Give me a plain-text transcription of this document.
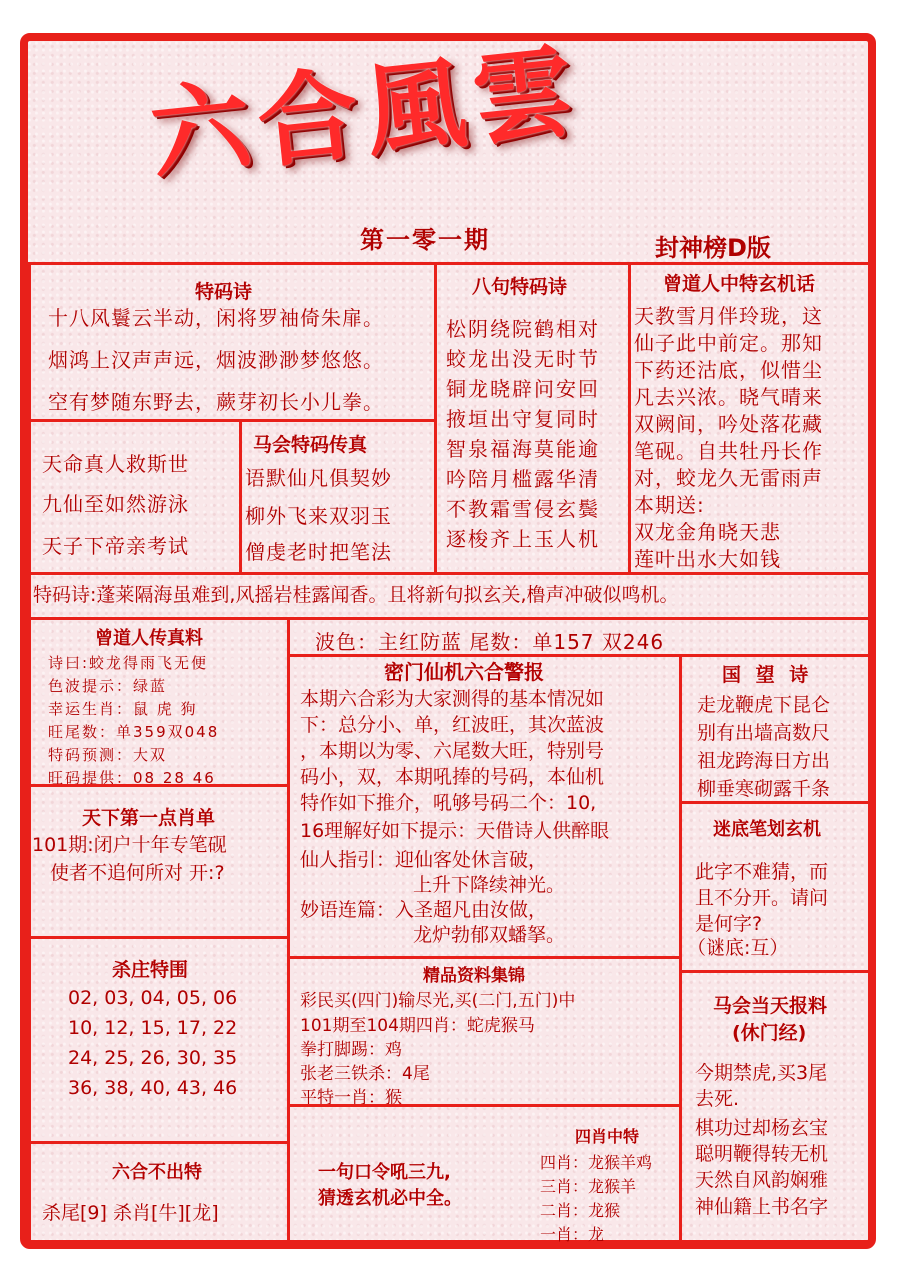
六合風雲
第一零一期	封神榜D版
特码诗
十八风鬟云半动，闲将罗袖倚朱扉。
烟鸿上汉声声远，烟波渺渺梦悠悠。
空有梦随东野去，蕨芽初长小儿拳。
八句特码诗
松阴绕院鹤相对
蛟龙出没无时节
铜龙晓辟问安回
掖垣出守复同时
智泉福海莫能逾
吟陪月槛露华清
不教霜雪侵玄鬓
逐梭齐上玉人机
曾道人中特玄机话
天教雪月伴玲珑，这
仙子此中前定。那知
下药还沽底，似惜尘
凡去兴浓。晓气晴来
双阙间，吟处落花藏
笔砚。自共牡丹长作
对，蛟龙久无雷雨声
本期送:
双龙金角晓天悲
莲叶出水大如钱
天命真人救斯世
九仙至如然游泳
天子下帝亲考试
马会特码传真
语默仙凡俱契妙
柳外飞来双羽玉
僧虔老时把笔法
特码诗:蓬莱隔海虽难到,风摇岩桂露闻香。且将新句拟玄关,橹声冲破似鸣机。
曾道人传真料
诗曰:蛟龙得雨飞无便
色波提示：绿蓝
幸运生肖：鼠 虎 狗
旺尾数：单359双048
特码预测：大双
旺码提供：08 28 46
天下第一点肖单
101期:闭户十年专笔砚
使者不追何所对 开:?
杀庄特围
02, 03, 04, 05, 06
10, 12, 15, 17, 22
24, 25, 26, 30, 35
36, 38, 40, 43, 46
六合不出特
杀尾[9] 杀肖[牛][龙]
波色：主红防蓝 尾数：单157 双246
密门仙机六合警报
本期六合彩为大家测得的基本情况如
下：总分小、单，红波旺，其次蓝波
，本期以为零、六尾数大旺，特别号
码小，双，本期吼捧的号码，本仙机
特作如下推介，吼够号码二个：10,
16理解好如下提示：天借诗人供醉眼
仙人指引：迎仙客处休言破，
上升下降续神光。
妙语连篇：入圣超凡由汝做，
龙炉勃郁双蟠拏。
精品资料集锦
彩民买(四门)输尽光,买(二门,五门)中
101期至104期四肖：蛇虎猴马
拳打脚踢：鸡
张老三铁杀：4尾
平特一肖：猴
一句口令吼三九,
猜透玄机必中全。
四肖中特
四肖：龙猴羊鸡
三肖：龙猴羊
二肖：龙猴
一肖：龙
国 望 诗
走龙鞭虎下昆仑
别有出墙高数尺
祖龙跨海日方出
柳垂寒砌露千条
迷底笔划玄机
此字不难猜，而
且不分开。请问
是何字?
（谜底:互）
马会当天报料
(休门经)
今期禁虎,买3尾
去死.
棋功过却杨玄宝
聪明鞭得转无机
天然自风韵娴雅
神仙籍上书名字
